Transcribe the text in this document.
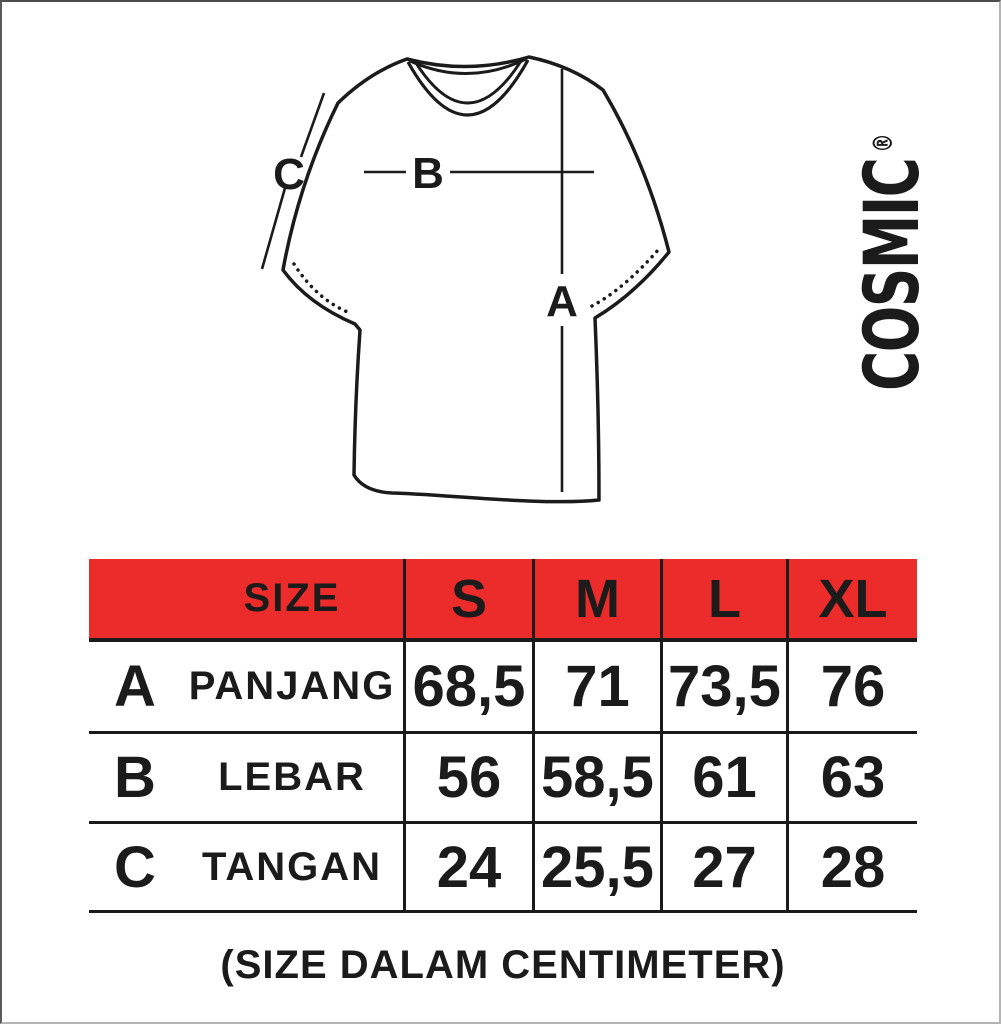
B
A
C	COSMIC®
SIZE	S	M	L	XL
A PANJANG 68,5 71 73,5 76
B	LEBAR	56 58,5 61	63
C	TANGAN 24 25,5 27	28
(SIZE DALAM CENTIMETER)
